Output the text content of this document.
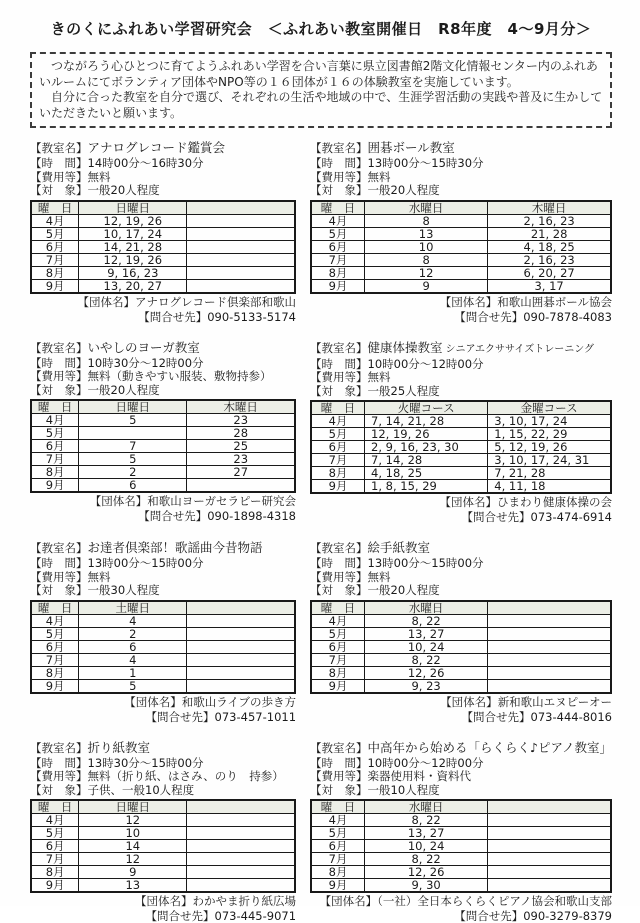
きのくにふれあい学習研究会　＜ふれあい教室開催日　R8年度　4～9月分＞

　つながろう心ひとつに育てようふれあい学習を合い言葉に県立図書館2階文化情報センター内のふれあいルームにてボランティア団体やNPO等の１６団体が１６の体験教室を実施しています。

　自分に合った教室を自分で選び、それぞれの生活や地域の中で、生涯学習活動の実践や普及に生かしていただきたいと願います。

【教室名】アナログレコード鑑賞会
【時　間】14時00分～16時30分
【費用等】無料
【対　象】一般20人程度
曜　日	日曜日	
4月	12, 19, 26	
5月	10, 17, 24	
6月	14, 21, 28	
7月	12, 19, 26	
8月	9, 16, 23	
9月	13, 20, 27	
【団体名】アナログレコード倶楽部和歌山
【問合せ先】090-5133-5174
【教室名】囲碁ボール教室
【時　間】13時00分～15時30分
【費用等】無料
【対　象】一般20人程度
曜　日	水曜日	木曜日
4月	8	2, 16, 23
5月	13	21, 28
6月	10	4, 18, 25
7月	8	2, 16, 23
8月	12	6, 20, 27
9月	9	3, 17
【団体名】和歌山囲碁ボール協会
【問合せ先】090-7878-4083
【教室名】いやしのヨーガ教室
【時　間】10時30分～12時00分
【費用等】無料（動きやすい服装、敷物持参）
【対　象】一般20人程度
曜　日	日曜日	木曜日
4月	5	23
5月		28
6月	7	25
7月	5	23
8月	2	27
9月	6	
【団体名】和歌山ヨーガセラピー研究会
【問合せ先】090-1898-4318
【教室名】健康体操教室 シニアエクササイズトレーニング
【時　間】10時00分～12時00分
【費用等】無料
【対　象】一般25人程度
曜　日	火曜コース	金曜コース
4月	7, 14, 21, 28	3, 10, 17, 24
5月	12, 19, 26	1, 15, 22, 29
6月	2, 9, 16, 23, 30	5, 12, 19, 26
7月	7, 14, 28	3, 10, 17, 24, 31
8月	4, 18, 25	7, 21, 28
9月	1, 8, 15, 29	4, 11, 18
【団体名】ひまわり健康体操の会
【問合せ先】073-474-6914
【教室名】お達者倶楽部！歌謡曲今昔物語
【時　間】13時00分～15時00分
【費用等】無料
【対　象】一般30人程度
曜　日	土曜日	
4月	4	
5月	2	
6月	6	
7月	4	
8月	1	
9月	5	
【団体名】和歌山ライブの歩き方
【問合せ先】073-457-1011
【教室名】絵手紙教室
【時　間】13時00分～15時00分
【費用等】無料
【対　象】一般20人程度
曜　日	水曜日	
4月	8, 22	
5月	13, 27	
6月	10, 24	
7月	8, 22	
8月	12, 26	
9月	9, 23	
【団体名】新和歌山エヌピーオー
【問合せ先】073-444-8016
【教室名】折り紙教室
【時　間】13時30分～15時00分
【費用等】無料（折り紙、はさみ、のり　持参）
【対　象】子供、一般10人程度
曜　日	日曜日	
4月	12	
5月	10	
6月	14	
7月	12	
8月	9	
9月	13	
【団体名】わかやま折り紙広場
【問合せ先】073-445-9071
【教室名】中高年から始める「らくらく♪ピアノ教室」
【時　間】10時00分～12時00分
【費用等】楽器使用料・資料代
【対　象】一般10人程度
曜　日	水曜日	
4月	8, 22	
5月	13, 27	
6月	10, 24	
7月	8, 22	
8月	12, 26	
9月	9, 30	
【団体名】（一社）全日本らくらくピアノ協会和歌山支部
【問合せ先】090-3279-8379
